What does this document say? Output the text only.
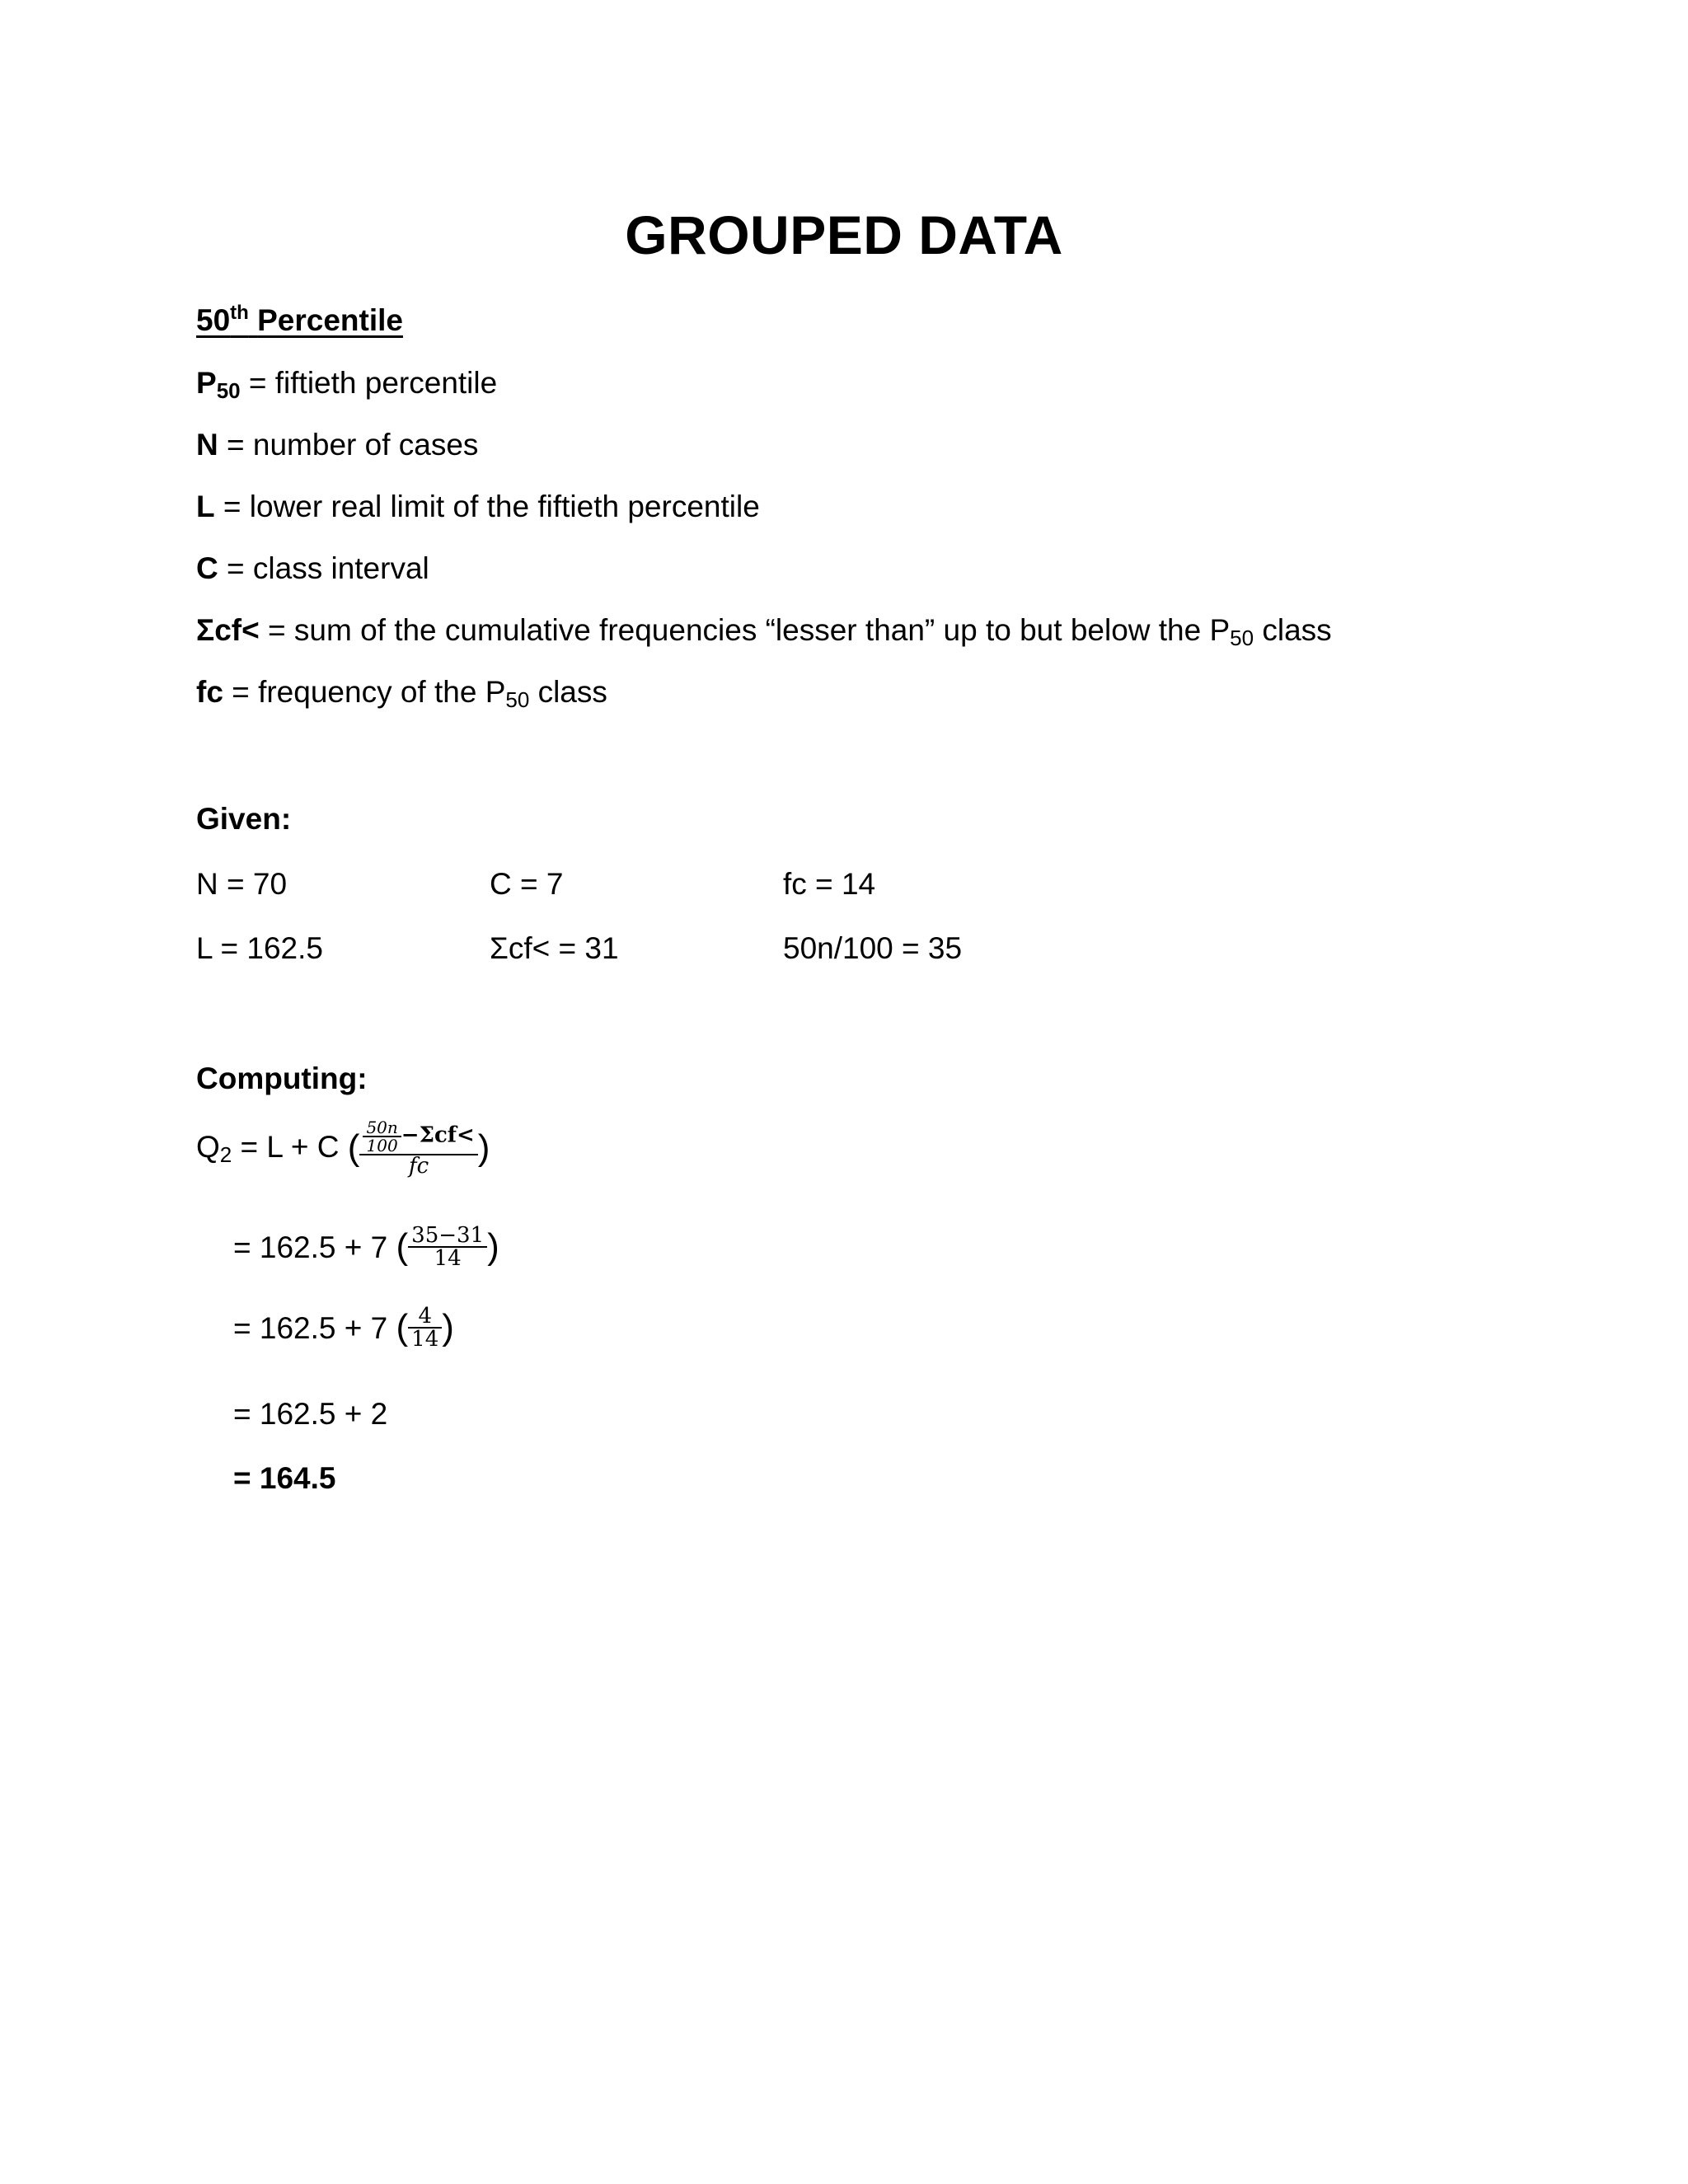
GROUPED DATA
50th Percentile
$P_{50}$ = fiftieth percentile
N = number of cases
L = lower real limit of the fiftieth percentile
C = class interval
Σcf< = sum of the cumulative frequencies “lesser than” up to but below the $P_{50}$ class
fc = frequency of the $P_{50}$ class
Given:
N = 70	C = 7	fc = 14
L = 162.5	Σcf< = 31	50n/100 = 35
Computing:
$Q_2 = L + C$ ( $\frac{\frac{50n}{100} -\Sigma cf<}{fc}$ )
= 162.5 + 7 ( $\frac{35-31}{14}$ )
= 162.5 + 7 ( $\frac{4}{14}$ )
= 162.5 + 2
= 164.5
